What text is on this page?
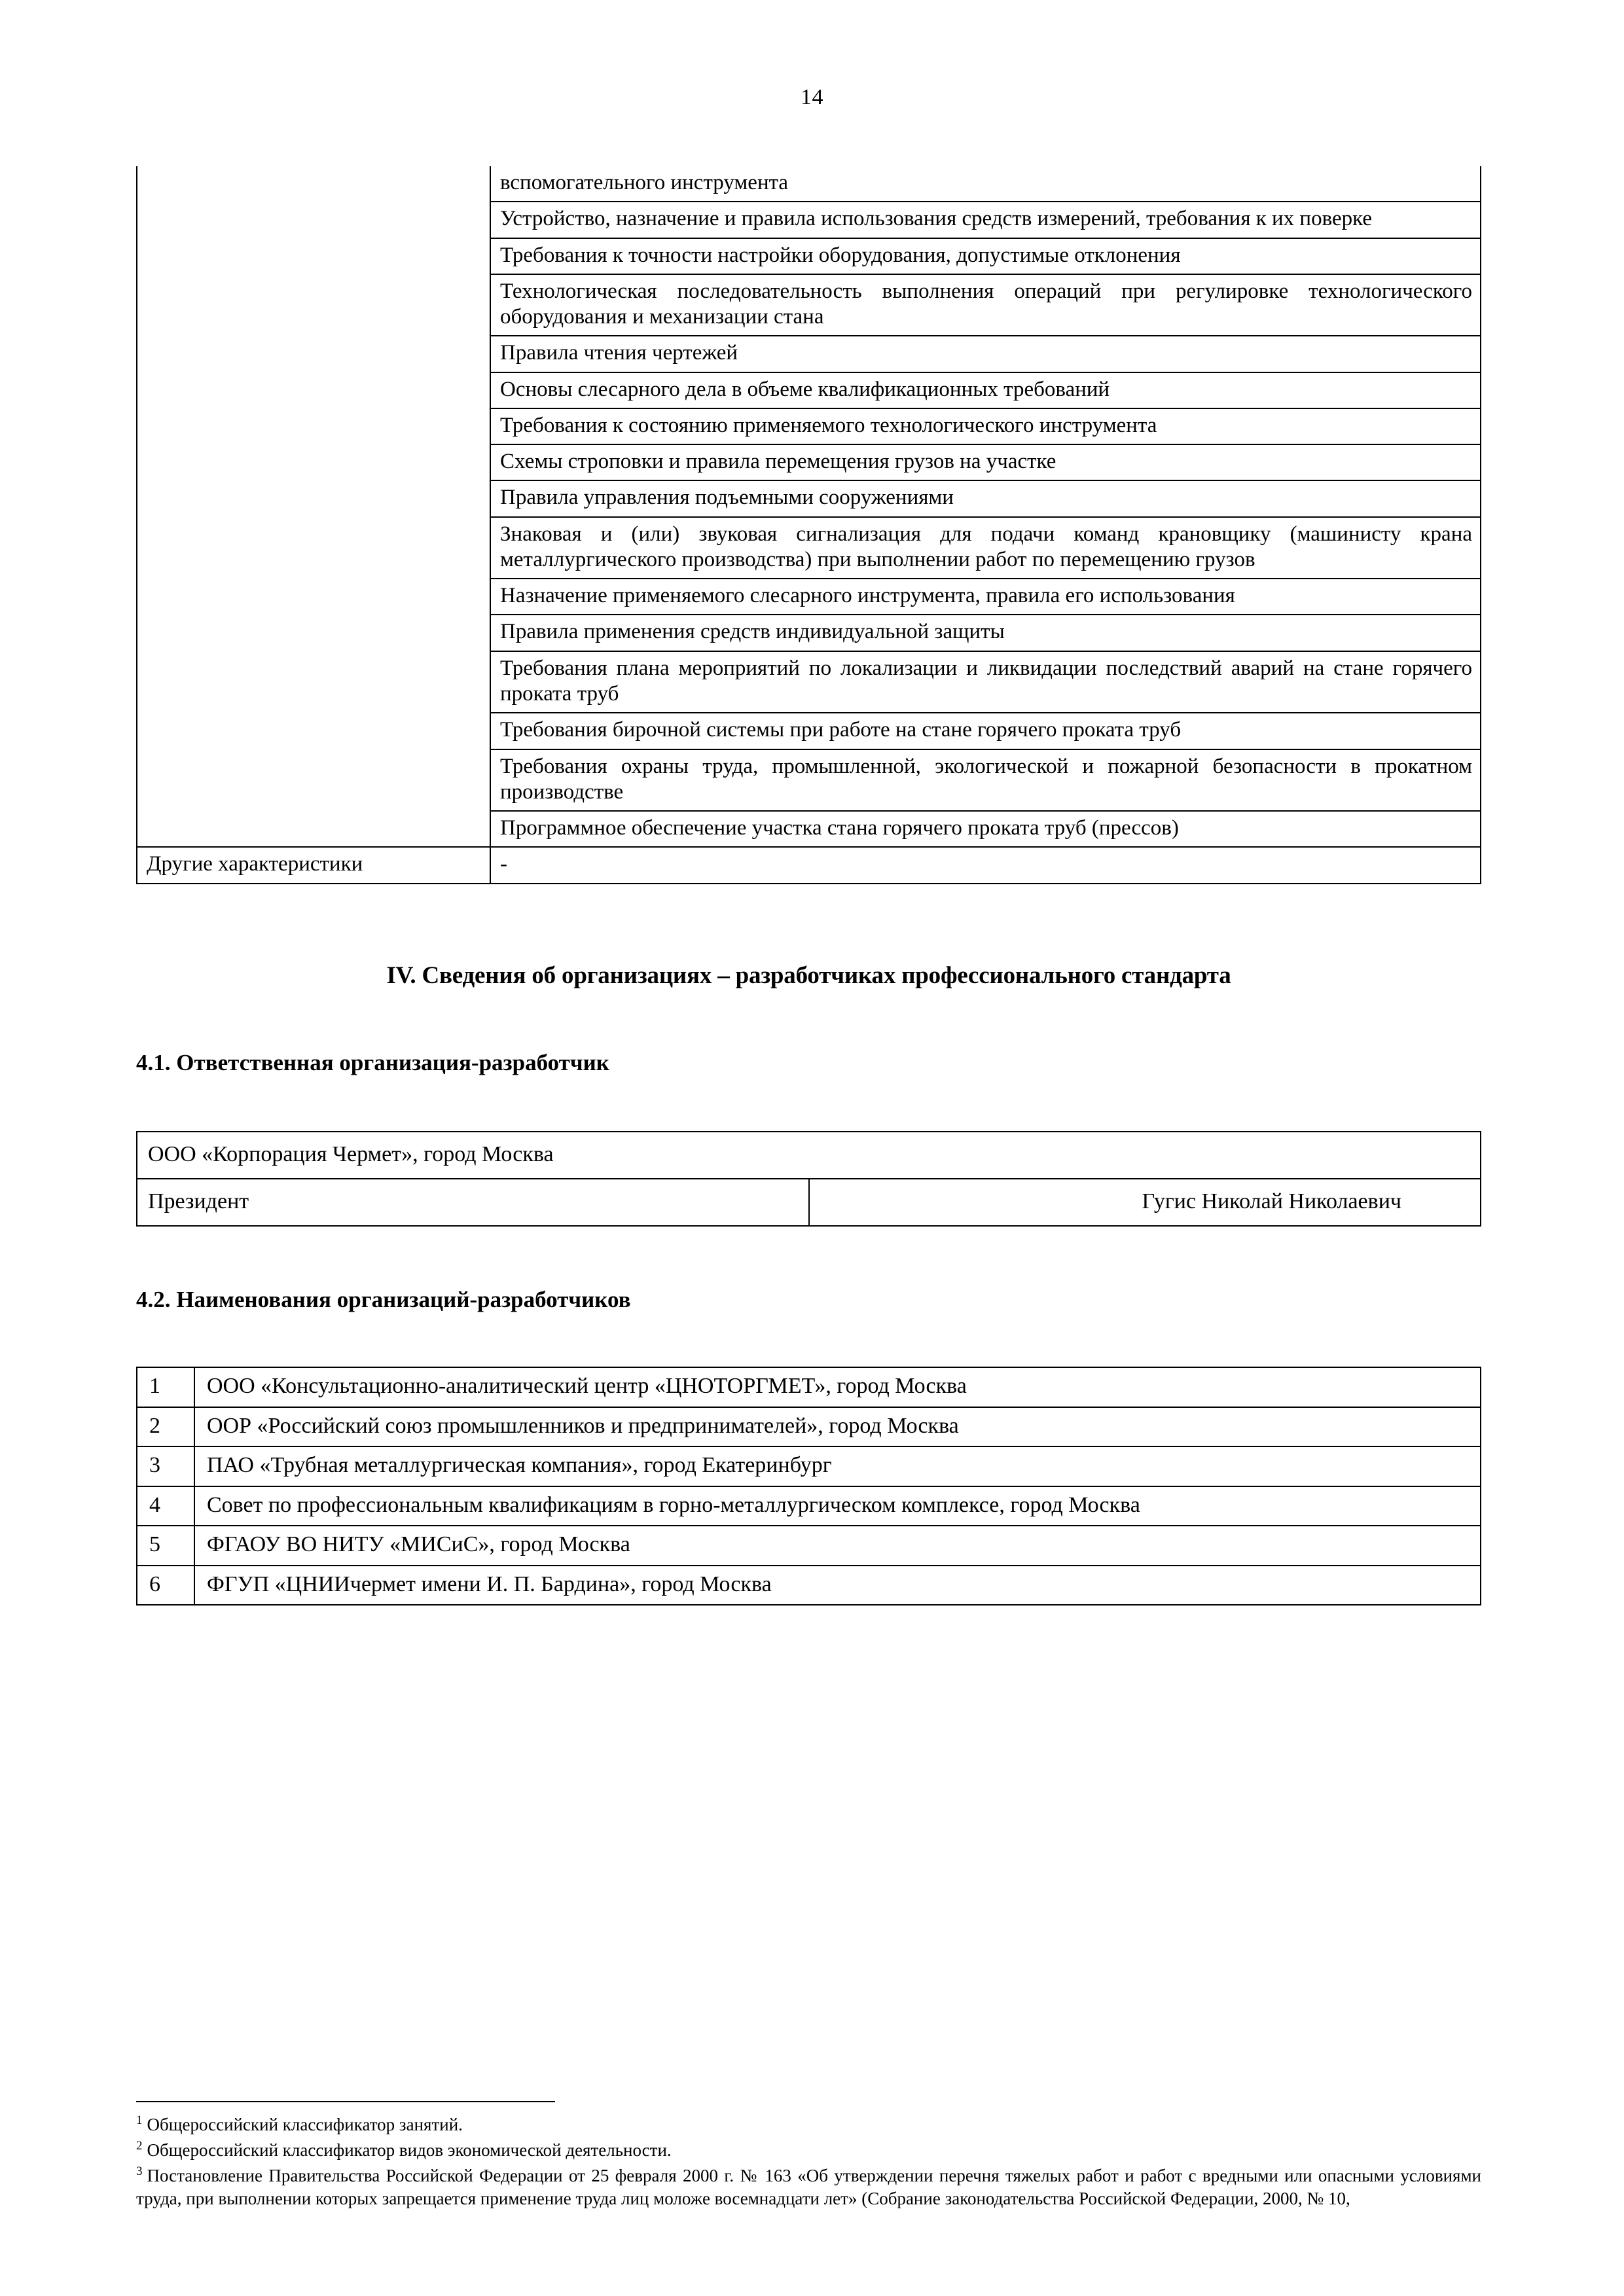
14
	вспомогательного инструмента
	Устройство, назначение и правила использования средств измерений, требования к их поверке
	Требования к точности настройки оборудования, допустимые отклонения
	Технологическая последовательность выполнения операций при регулировке технологического оборудования и механизации стана
	Правила чтения чертежей
	Основы слесарного дела в объеме квалификационных требований
	Требования к состоянию применяемого технологического инструмента
	Схемы строповки и правила перемещения грузов на участке
	Правила управления подъемными сооружениями
	Знаковая и (или) звуковая сигнализация для подачи команд крановщику (машинисту крана металлургического производства) при выполнении работ по перемещению грузов
	Назначение применяемого слесарного инструмента, правила его использования
	Правила применения средств индивидуальной защиты
	Требования плана мероприятий по локализации и ликвидации последствий аварий на стане горячего проката труб
	Требования бирочной системы при работе на стане горячего проката труб
	Требования охраны труда, промышленной, экологической и пожарной безопасности в прокатном производстве
	Программное обеспечение участка стана горячего проката труб (прессов)
Другие характеристики	-
IV. Сведения об организациях – разработчиках профессионального стандарта
4.1. Ответственная организация-разработчик
ООО «Корпорация Чермет», город Москва
Президент	Гугис Николай Николаевич
4.2. Наименования организаций-разработчиков
1	ООО «Консультационно-аналитический центр «ЦНОТОРГМЕТ», город Москва
2	ООР «Российский союз промышленников и предпринимателей», город Москва
3	ПАО «Трубная металлургическая компания», город Екатеринбург
4	Совет по профессиональным квалификациям в горно-металлургическом комплексе, город Москва
5	ФГАОУ ВО НИТУ «МИСиС», город Москва
6	ФГУП «ЦНИИчермет имени И. П. Бардина», город Москва
$^1$ Общероссийский классификатор занятий.
$^2$ Общероссийский классификатор видов экономической деятельности.
$^3$ Постановление Правительства Российской Федерации от 25 февраля 2000 г. № 163 «Об утверждении перечня тяжелых работ и работ с вредными или опасными условиями труда, при выполнении которых запрещается применение труда лиц моложе восемнадцати лет» (Собрание законодательства Российской Федерации, 2000, № 10,
